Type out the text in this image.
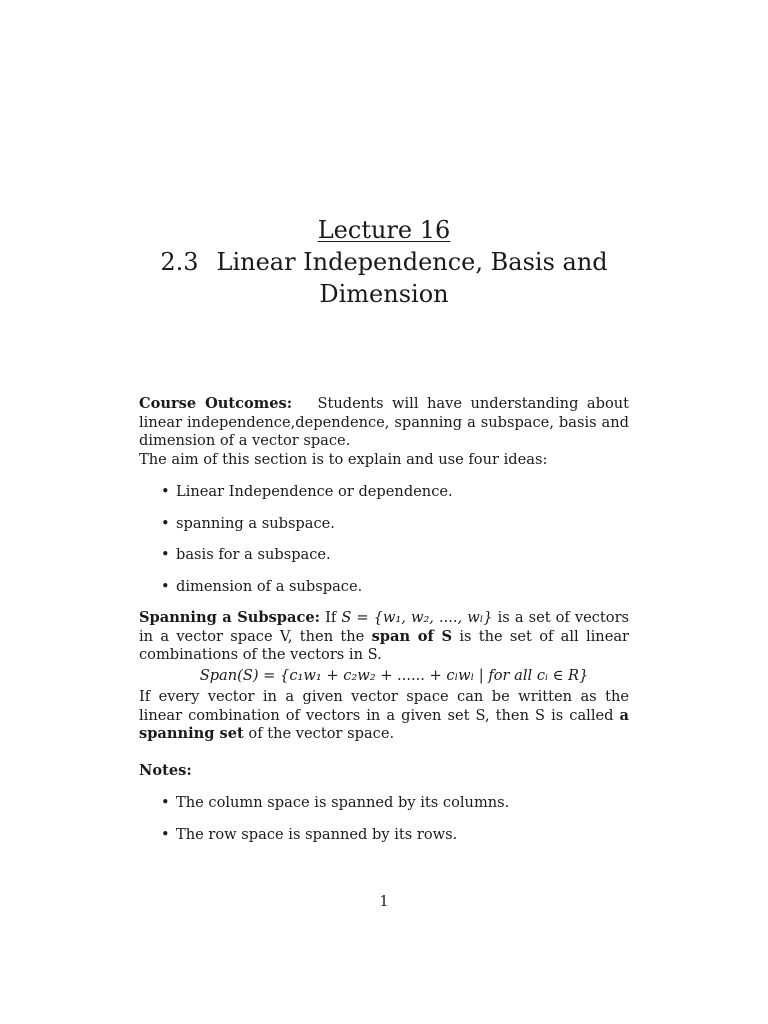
Lecture 16
2.3 Linear Independence, Basis and
Dimension

Course Outcomes: Students will have understanding about linear independence,dependence, spanning a subspace, basis and dimension of a vector space.

The aim of this section is to explain and use four ideas:

• Linear Independence or dependence.
• spanning a subspace.
• basis for a subspace.
• dimension of a subspace.

Spanning a Subspace: If S = {w₁, w₂, ...., wₗ} is a set of vectors in a vector space V, then the span of S is the set of all linear combinations of the vectors in S.

Span(S) = {c₁w₁ + c₂w₂ + ...... + cₗwₗ | for all cᵢ ∈ R}

If every vector in a given vector space can be written as the linear combination of vectors in a given set S, then S is called a spanning set of the vector space.

Notes:

• The column space is spanned by its columns.
• The row space is spanned by its rows.
1
